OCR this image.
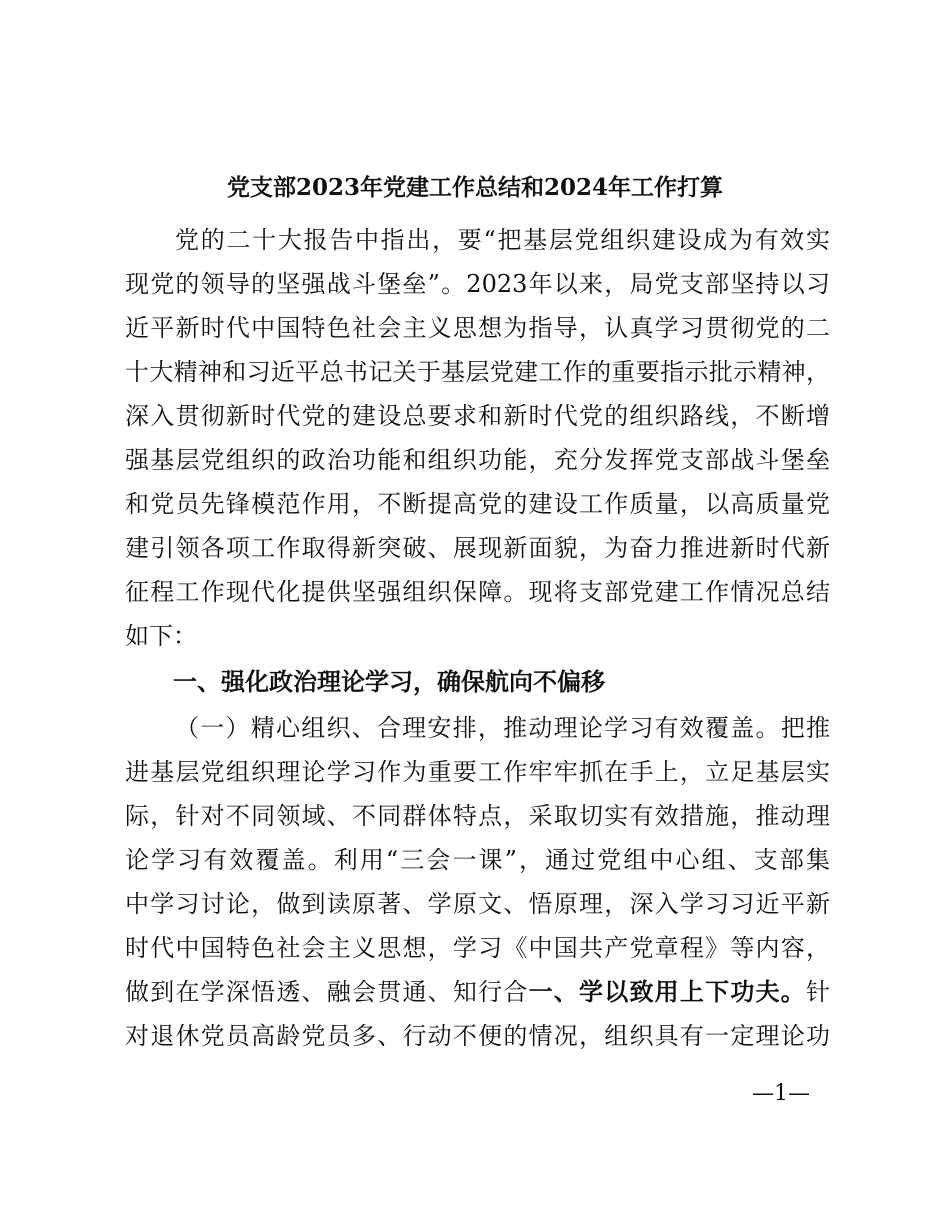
党支部2023年党建工作总结和2024年工作打算
党的二十大报告中指出，要“把基层党组织建设成为有效实
现党的领导的坚强战斗堡垒”。2023年以来，局党支部坚持以习
近平新时代中国特色社会主义思想为指导，认真学习贯彻党的二
十大精神和习近平总书记关于基层党建工作的重要指示批示精神，
深入贯彻新时代党的建设总要求和新时代党的组织路线，不断增
强基层党组织的政治功能和组织功能，充分发挥党支部战斗堡垒
和党员先锋模范作用，不断提高党的建设工作质量，以高质量党
建引领各项工作取得新突破、展现新面貌，为奋力推进新时代新
征程工作现代化提供坚强组织保障。现将支部党建工作情况总结
如下：
一、强化政治理论学习，确保航向不偏移
（一）精心组织、合理安排，推动理论学习有效覆盖。把推
进基层党组织理论学习作为重要工作牢牢抓在手上，立足基层实
际，针对不同领域、不同群体特点，采取切实有效措施，推动理
论学习有效覆盖。利用“三会一课”，通过党组中心组、支部集
中学习讨论，做到读原著、学原文、悟原理，深入学习习近平新
时代中国特色社会主义思想，学习《中国共产党章程》等内容，
做到在学深悟透、融会贯通、知行合一、学以致用上下功夫。针
对退休党员高龄党员多、行动不便的情况，组织具有一定理论功
—1—
